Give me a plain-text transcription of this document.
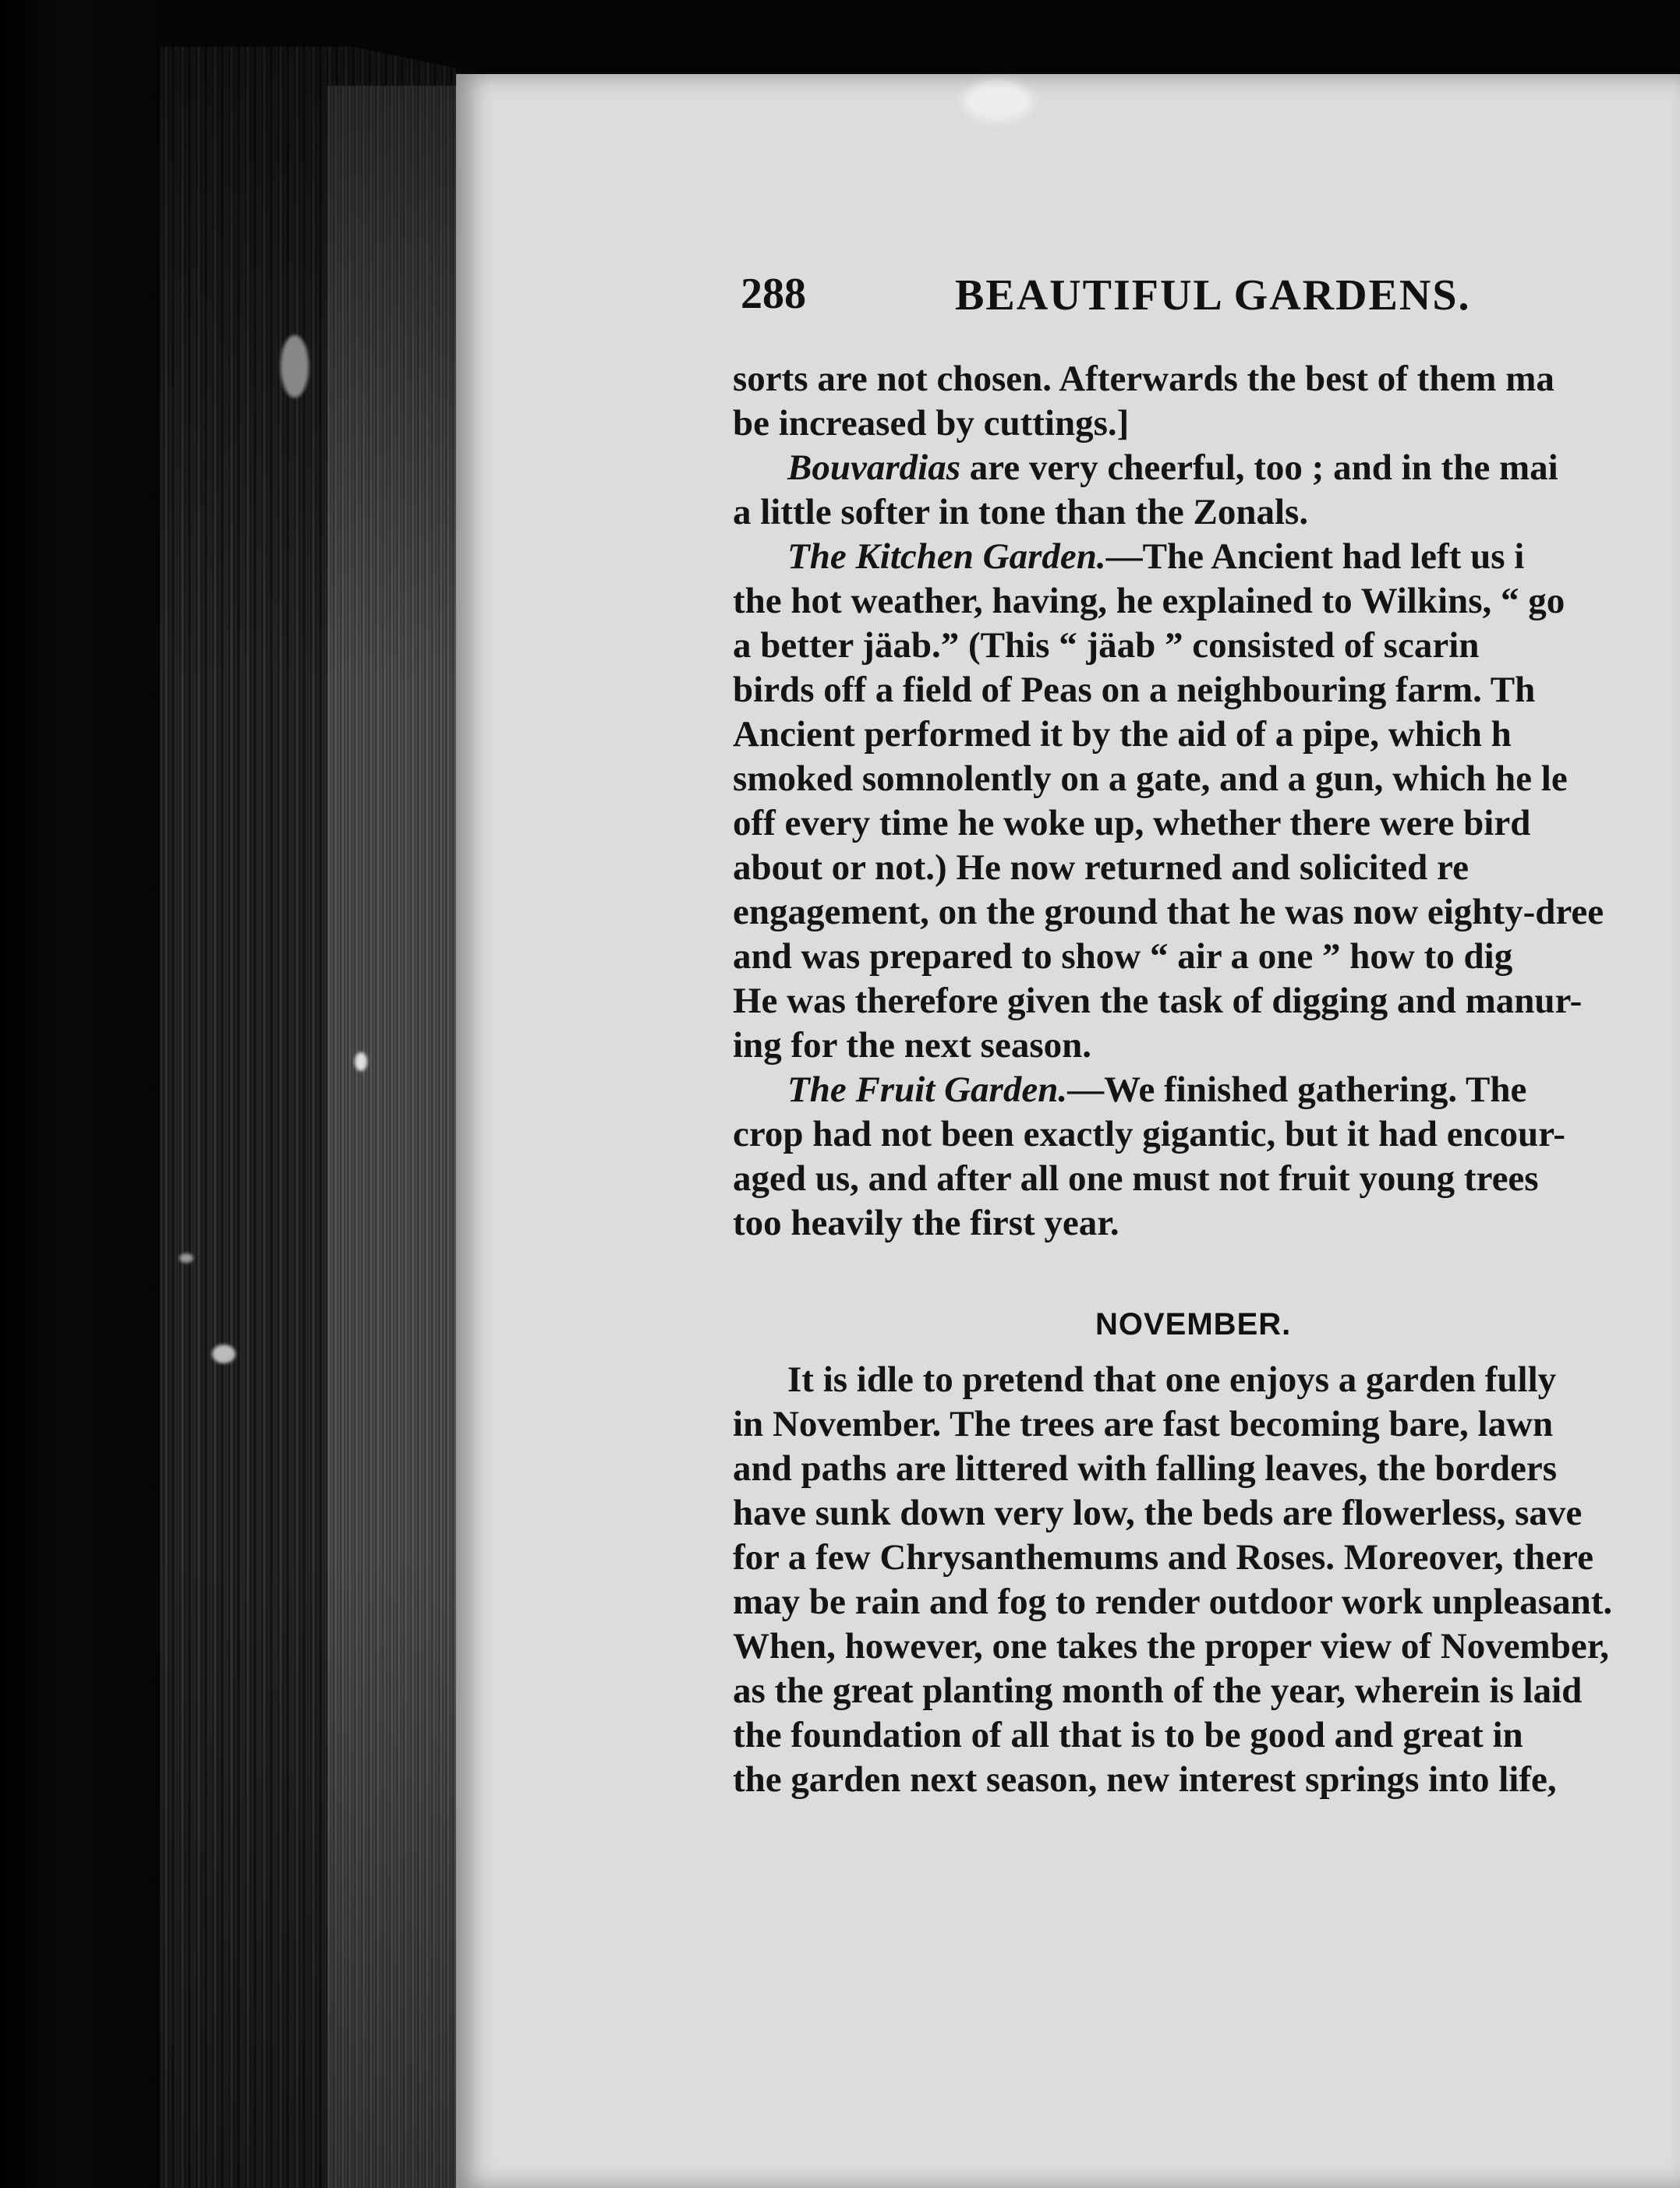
288	BEAUTIFUL GARDENS.
sorts are not chosen. Afterwards the best of them ma
be increased by cuttings.]
Bouvardias are very cheerful, too ; and in the mai
a little softer in tone than the Zonals.
The Kitchen Garden.—The Ancient had left us i
the hot weather, having, he explained to Wilkins, “ go
a better jäab.” (This “ jäab ” consisted of scarin
birds off a field of Peas on a neighbouring farm. Th
Ancient performed it by the aid of a pipe, which h
smoked somnolently on a gate, and a gun, which he le
off every time he woke up, whether there were bird
about or not.) He now returned and solicited re
engagement, on the ground that he was now eighty-dree
and was prepared to show “ air a one ” how to dig
He was therefore given the task of digging and manur-
ing for the next season.
The Fruit Garden.—We finished gathering. The
crop had not been exactly gigantic, but it had encour-
aged us, and after all one must not fruit young trees
too heavily the first year.
NOVEMBER.
It is idle to pretend that one enjoys a garden fully
in November. The trees are fast becoming bare, lawn
and paths are littered with falling leaves, the borders
have sunk down very low, the beds are flowerless, save
for a few Chrysanthemums and Roses. Moreover, there
may be rain and fog to render outdoor work unpleasant.
When, however, one takes the proper view of November,
as the great planting month of the year, wherein is laid
the foundation of all that is to be good and great in
the garden next season, new interest springs into life,
